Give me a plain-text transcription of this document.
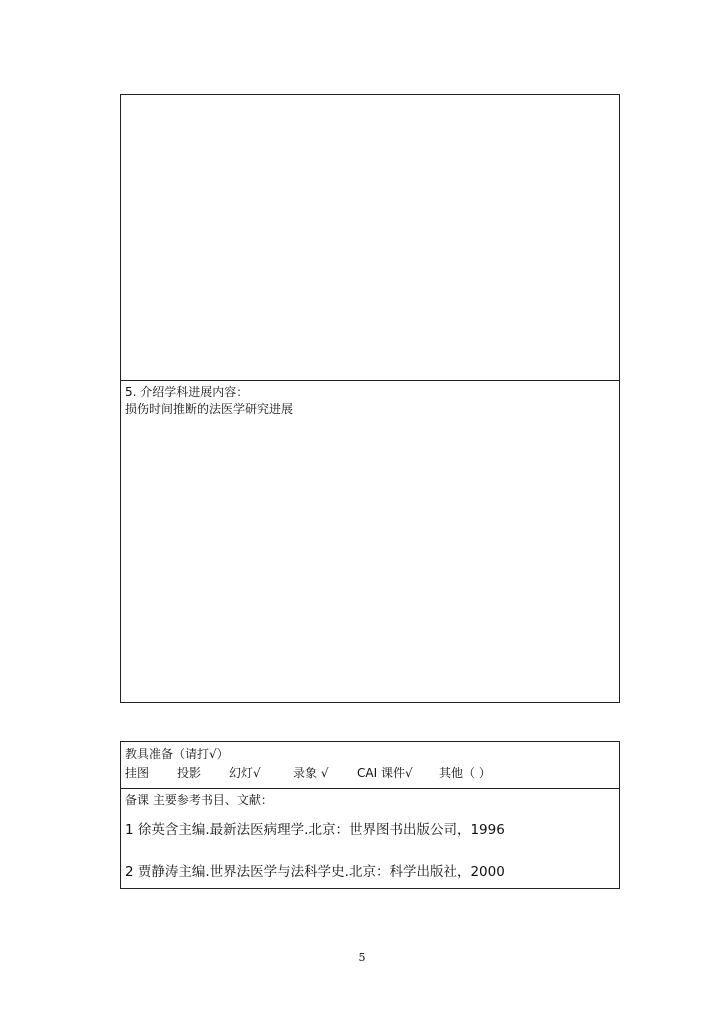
5. 介绍学科进展内容：
损伤时间推断的法医学研究进展
教具准备（请打√）
挂图	投影	幻灯√	录象 √	CAI 课件√	其他（ ）
备课 主要参考书目、文献：
1 徐英含主编.最新法医病理学.北京：世界图书出版公司，1996
2 贾静涛主编.世界法医学与法科学史.北京：科学出版社，2000
5
